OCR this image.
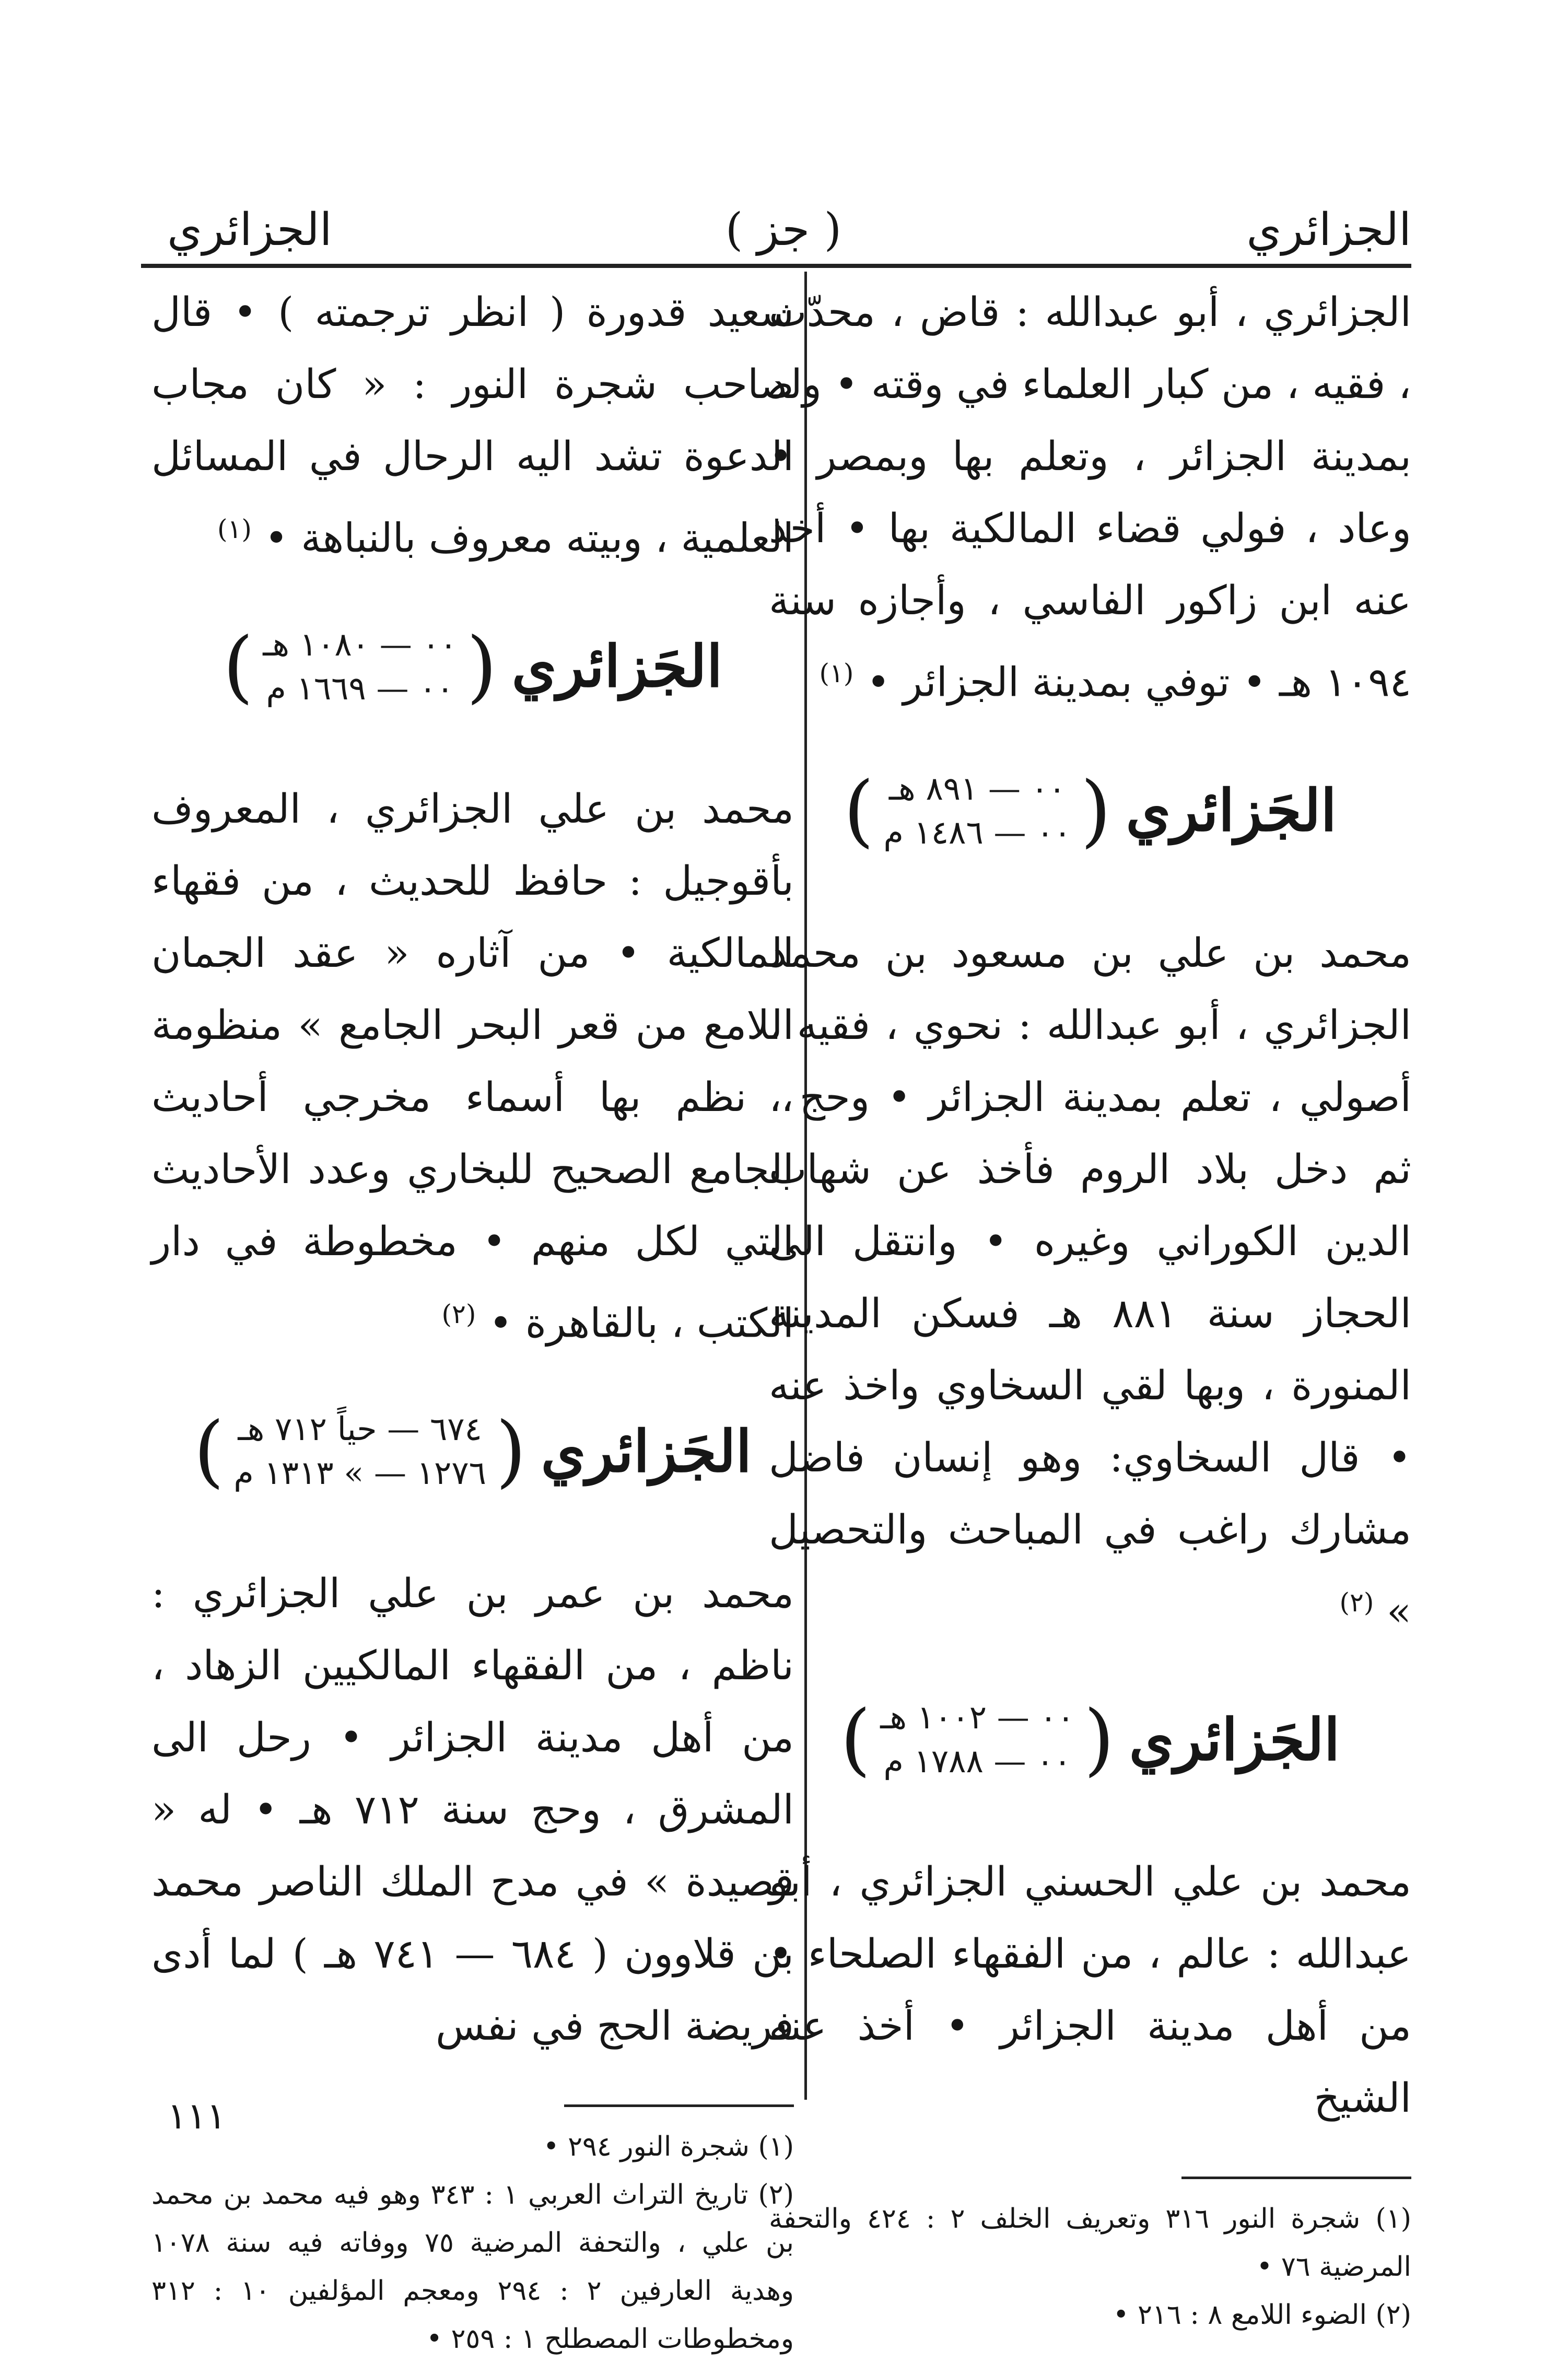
الجزائري
( جز )
الجزائري

الجزائري ، أبو عبدالله : قاض ، محدّث ، فقيه ، من كبار العلماء في وقته • ولد بمدينة الجزائر ، وتعلم بها وبمصر • وعاد ، فولي قضاء المالكية بها • أخذ عنه ابن زاكور الفاسي ، وأجازه سنة ١٠٩٤ هـ • توفي بمدينة الجزائر • $^{(١)}$

الجَزائري
(
٠٠ — ٨٩١ هـ
٠٠ — ١٤٨٦ م
)

محمد بن علي بن مسعود بن محمد الجزائري ، أبو عبدالله : نحوي ، فقيه ، أصولي ، تعلم بمدينة الجزائر • وحج ، ثم دخل بلاد الروم فأخذ عن شهاب الدين الكوراني وغيره • وانتقل الى الحجاز سنة ٨٨١ هـ فسكن المدينة المنورة ، وبها لقي السخاوي واخذ عنه • قال السخاوي: وهو إنسان فاضل مشارك راغب في المباحث والتحصيل » $^{(٢)}$

الجَزائري
(
٠٠ — ١٠٠٢ هـ
٠٠ — ١٧٨٨ م
)

محمد بن علي الحسني الجزائري ، أبو عبدالله : عالم ، من الفقهاء الصلحاء • من أهل مدينة الجزائر • أخذ عنه الشيخ

(١) شجرة النور ٣١٦ وتعريف الخلف ٢ : ٤٢٤ والتحفة المرضية ٧٦ •

(٢) الضوء اللامع ٨ : ٢١٦ •

سعيد قدورة ( انظر ترجمته ) • قال صاحب شجرة النور : « كان مجاب الدعوة تشد اليه الرحال في المسائل العلمية ، وبيته معروف بالنباهة • $^{(١)}$

الجَزائري
(
٠٠ — ١٠٨٠ هـ
٠٠ — ١٦٦٩ م
)

محمد بن علي الجزائري ، المعروف بأقوجيل : حافظ للحديث ، من فقهاء المالكية • من آثاره « عقد الجمان اللامع من قعر البحر الجامع » منظومة ، نظم بها أسماء مخرجي أحاديث الجامع الصحيح للبخاري وعدد الأحاديث التي لكل منهم • مخطوطة في دار الكتب ، بالقاهرة • $^{(٢)}$

الجَزائري
(
٦٧٤ — حياً ٧١٢ هـ
١٢٧٦ — » ١٣١٣ م
)

محمد بن عمر بن علي الجزائري : ناظم ، من الفقهاء المالكيين الزهاد ، من أهل مدينة الجزائر • رحل الى المشرق ، وحج سنة ٧١٢ هـ • له « قصيدة » في مدح الملك الناصر محمد بن قلاوون ( ٦٨٤ — ٧٤١ هـ ) لما أدى فريضة الحج في نفس

(١) شجرة النور ٢٩٤ •

(٢) تاريخ التراث العربي ١ : ٣٤٣ وهو فيه محمد بن محمد بن علي ، والتحفة المرضية ٧٥ ووفاته فيه سنة ١٠٧٨ وهدية العارفين ٢ : ٢٩٤ ومعجم المؤلفين ١٠ : ٣١٢ ومخطوطات المصطلح ١ : ٢٥٩ •

١١١
